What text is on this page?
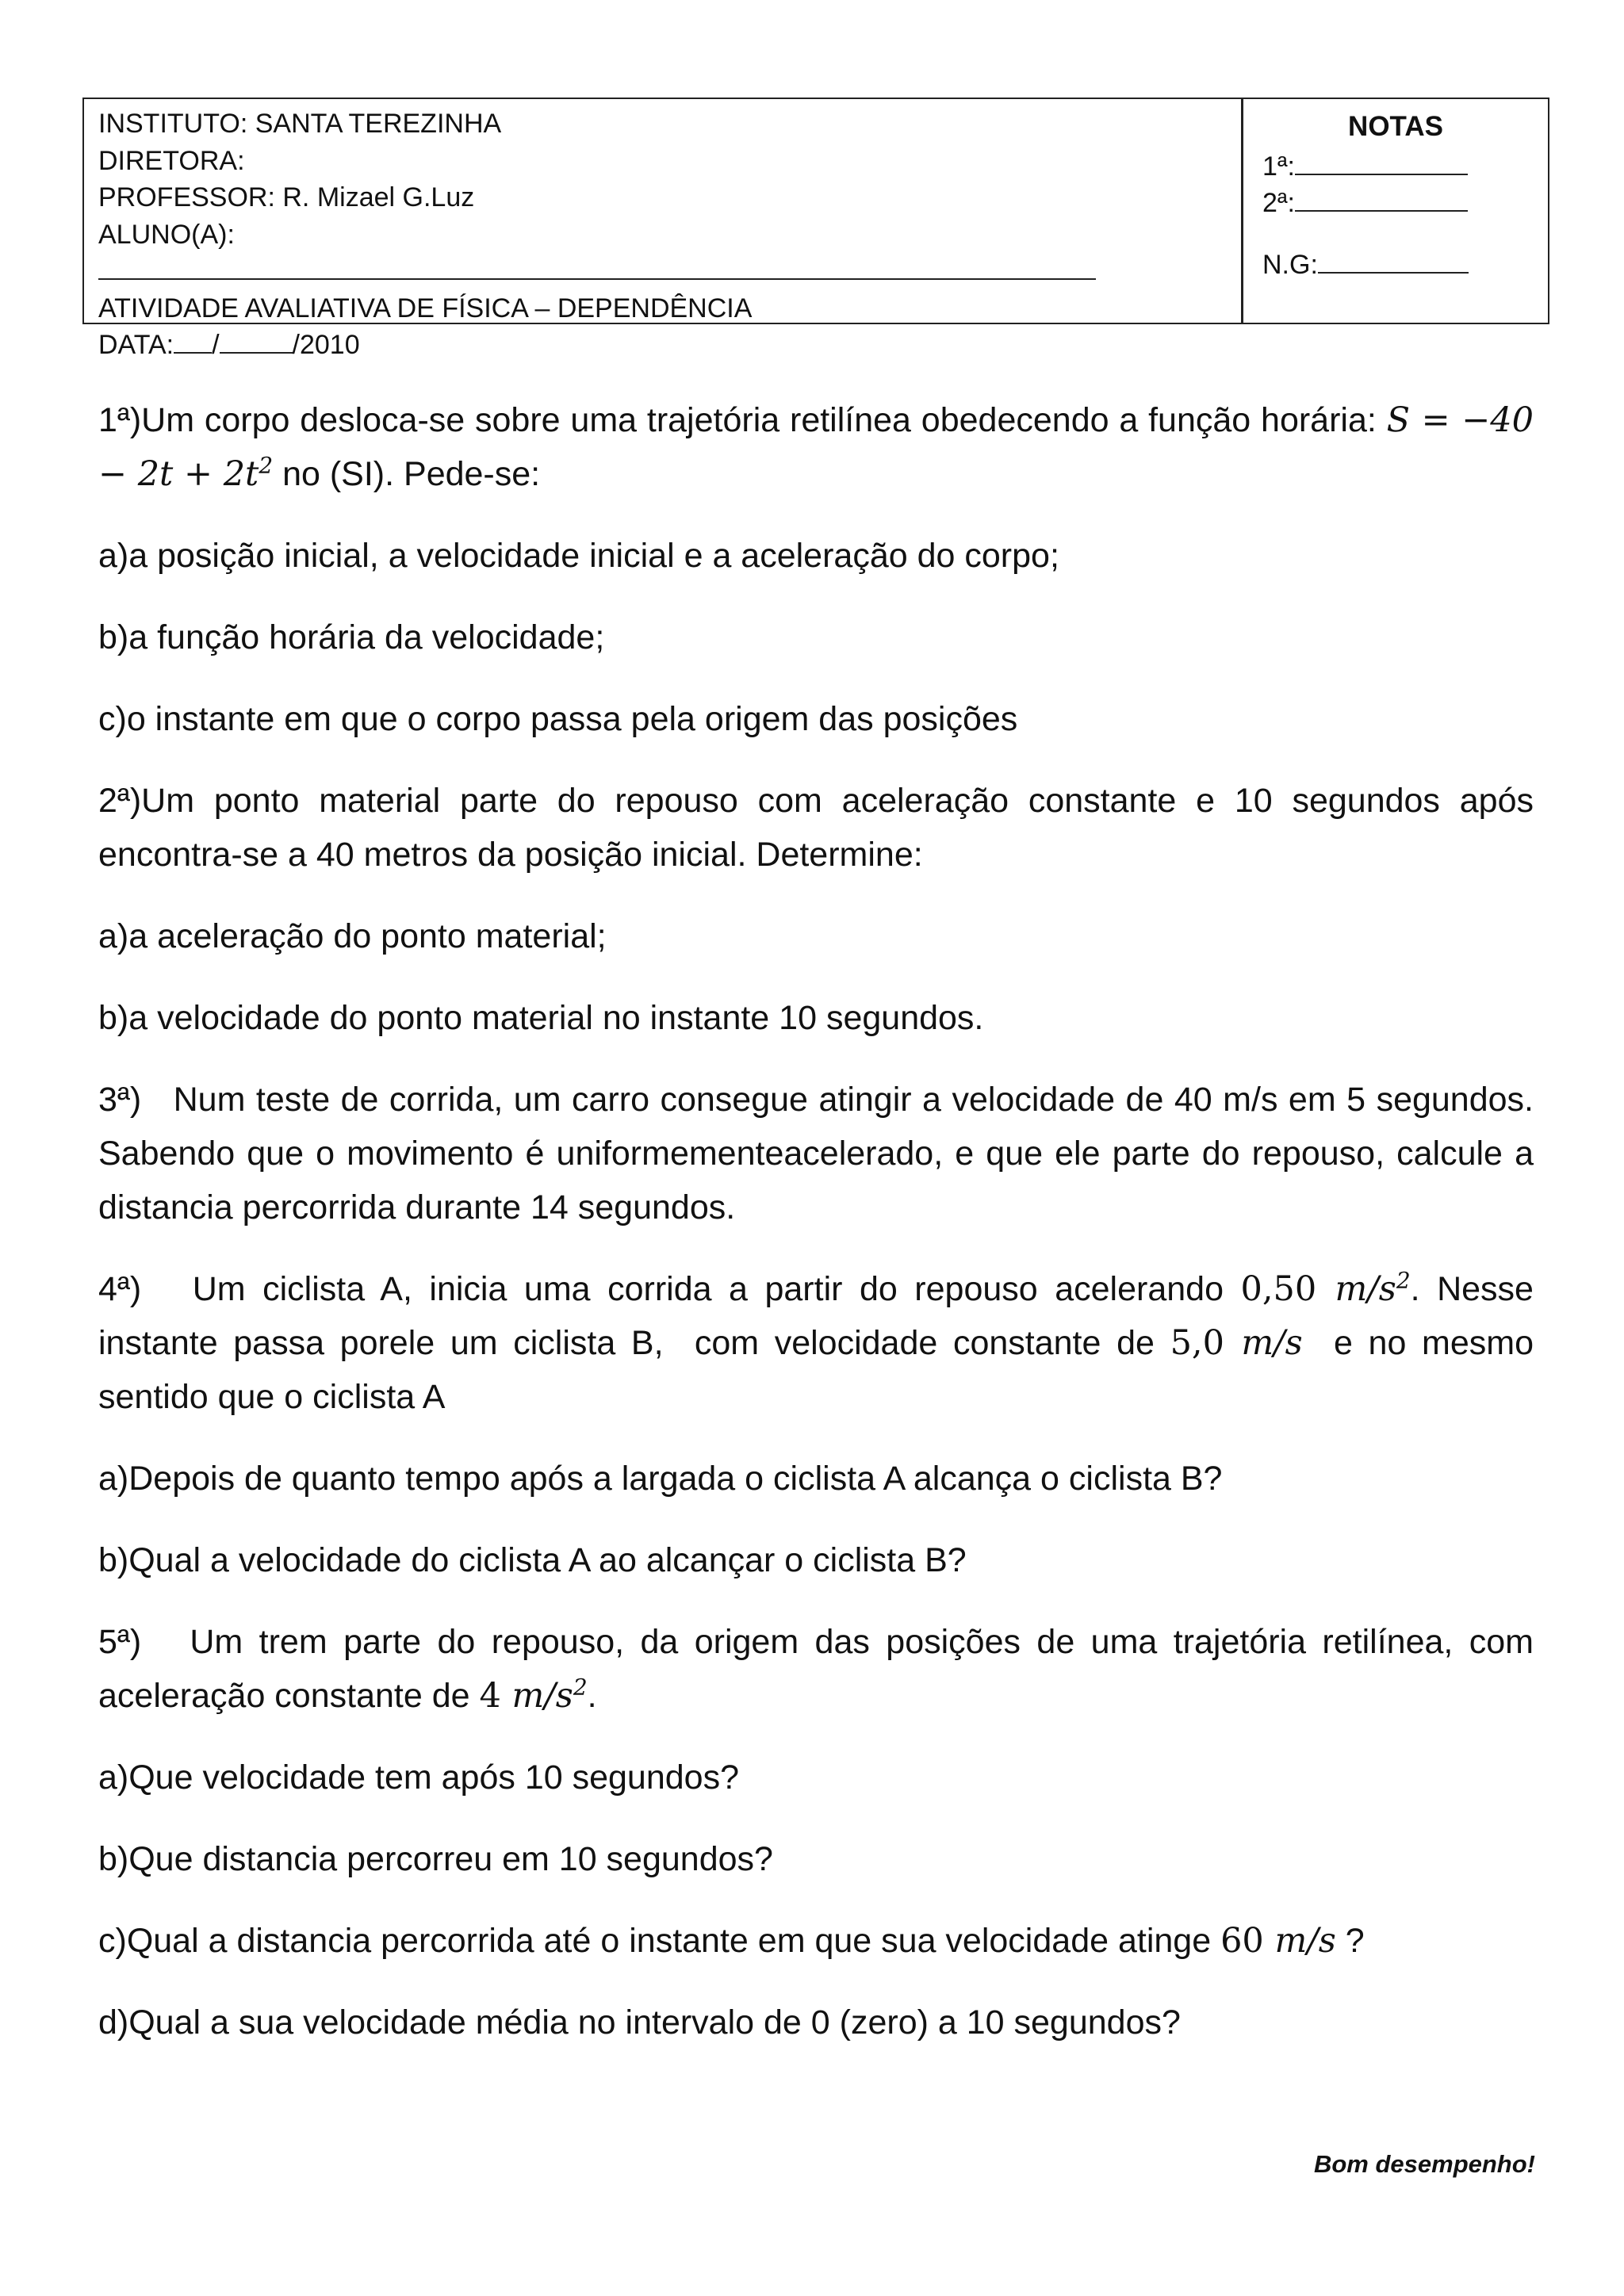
INSTITUTO: SANTA TEREZINHA
DIRETORA:
PROFESSOR: R. Mizael G.Luz
ALUNO(A):
ATIVIDADE AVALIATIVA DE FÍSICA – DEPENDÊNCIA
DATA: /	/2010
NOTAS
1ª:
2ª:
N.G:

1ª)Um corpo desloca-se sobre uma trajetória retilínea obedecendo a função horária: $S = -40 - 2t + 2t^2$ no (SI). Pede-se:

a)a posição inicial, a velocidade inicial e a aceleração do corpo;

b)a função horária da velocidade;

c)o instante em que o corpo passa pela origem das posições

2ª)Um ponto material parte do repouso com aceleração constante e 10 segundos após encontra-se a 40 metros da posição inicial. Determine:

a)a aceleração do ponto material;

b)a velocidade do ponto material no instante 10 segundos.

3ª)   Num teste de corrida, um carro consegue atingir a velocidade de 40 m/s em 5 segundos. Sabendo que o movimento é uniformementeacelerado, e que ele parte do repouso, calcule a distancia percorrida durante 14 segundos.

4ª)   Um ciclista A, inicia uma corrida a partir do repouso acelerando 0,50 $m/s^2$. Nesse instante passa porele um ciclista B,  com velocidade constante de 5,0 m/s  e no mesmo sentido que o ciclista A

a)Depois de quanto tempo após a largada o ciclista A alcança o ciclista B?

b)Qual a velocidade do ciclista A ao alcançar o ciclista B?

5ª)   Um trem parte do repouso, da origem das posições de uma trajetória retilínea, com aceleração constante de 4 $m/s^2$.

a)Que velocidade tem após 10 segundos?

b)Que distancia percorreu em 10 segundos?

c)Qual a distancia percorrida até o instante em que sua velocidade atinge 60 m/s ?

d)Qual a sua velocidade média no intervalo de 0 (zero) a 10 segundos?

Bom desempenho!
